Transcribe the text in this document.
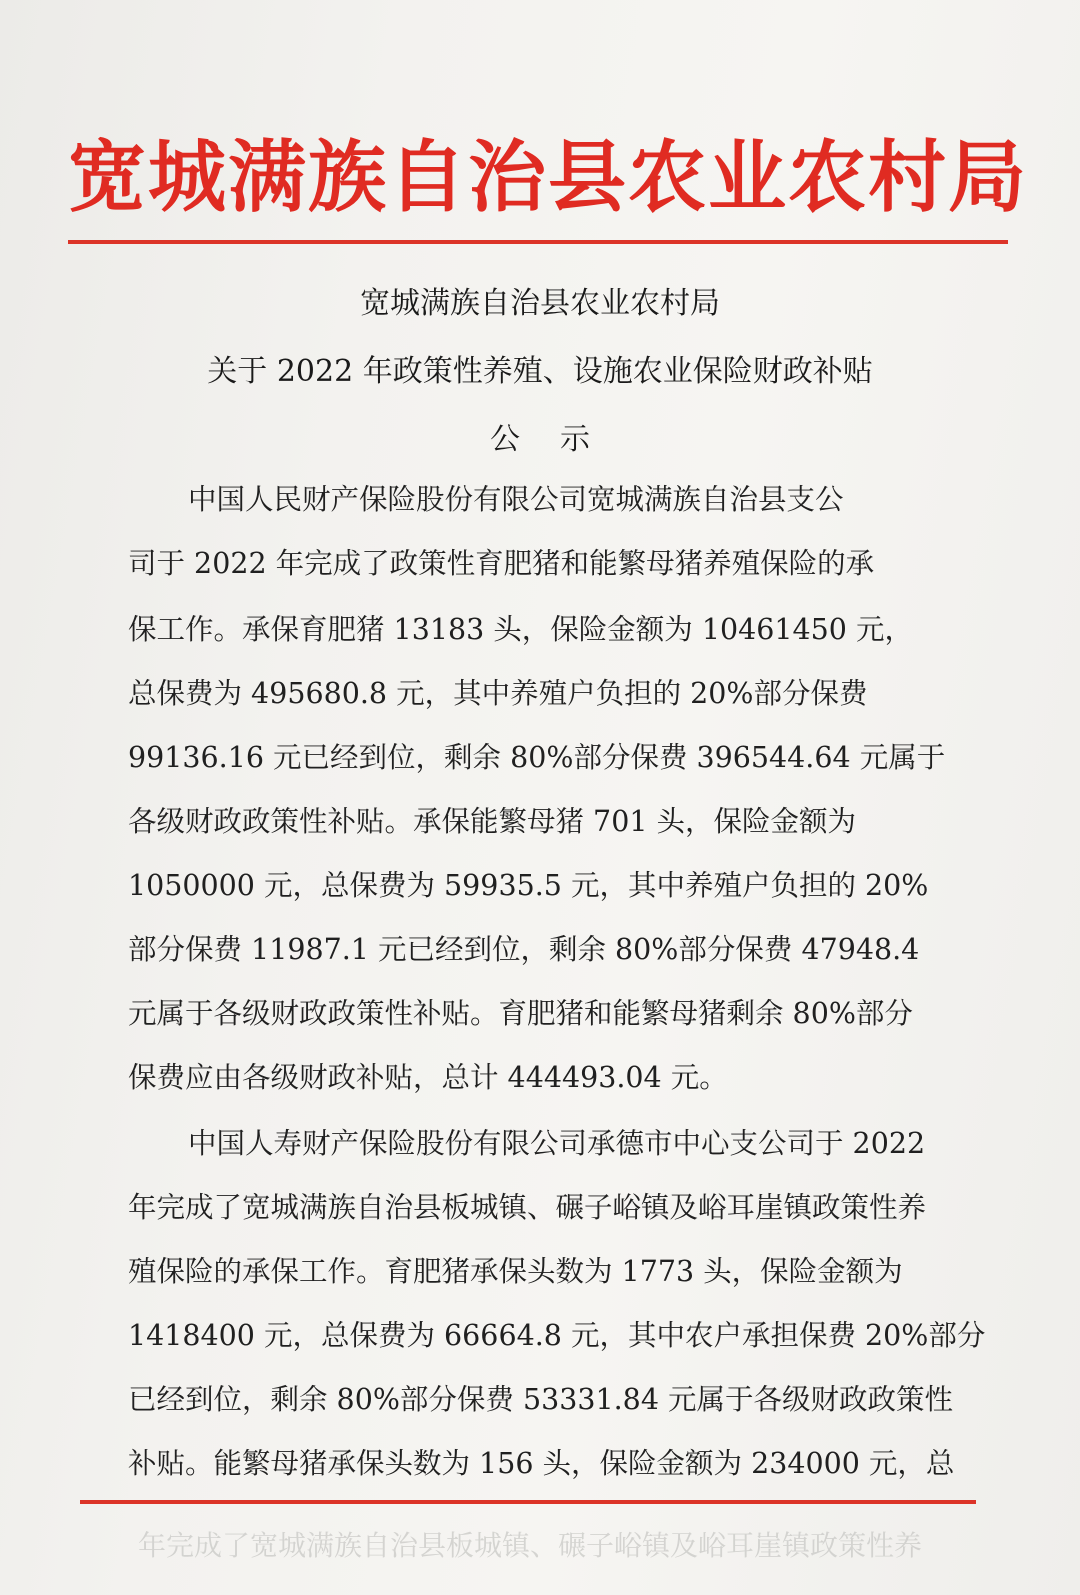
宽城满族自治县农业农村局
宽城满族自治县农业农村局
关于 2022 年政策性养殖、设施农业保险财政补贴
公示
中国人民财产保险股份有限公司宽城满族自治县支公
司于 2022 年完成了政策性育肥猪和能繁母猪养殖保险的承
保工作。承保育肥猪 13183 头，保险金额为 10461450 元，
总保费为 495680.8 元，其中养殖户负担的 20%部分保费
99136.16 元已经到位，剩余 80%部分保费 396544.64 元属于
各级财政政策性补贴。承保能繁母猪 701 头，保险金额为
1050000 元，总保费为 59935.5 元，其中养殖户负担的 20%
部分保费 11987.1 元已经到位，剩余 80%部分保费 47948.4
元属于各级财政政策性补贴。育肥猪和能繁母猪剩余 80%部分
保费应由各级财政补贴，总计 444493.04 元。
中国人寿财产保险股份有限公司承德市中心支公司于 2022
年完成了宽城满族自治县板城镇、碾子峪镇及峪耳崖镇政策性养
殖保险的承保工作。育肥猪承保头数为 1773 头，保险金额为
1418400 元，总保费为 66664.8 元，其中农户承担保费 20%部分
已经到位，剩余 80%部分保费 53331.84 元属于各级财政政策性
补贴。能繁母猪承保头数为 156 头，保险金额为 234000 元，总
年完成了宽城满族自治县板城镇、碾子峪镇及峪耳崖镇政策性养
